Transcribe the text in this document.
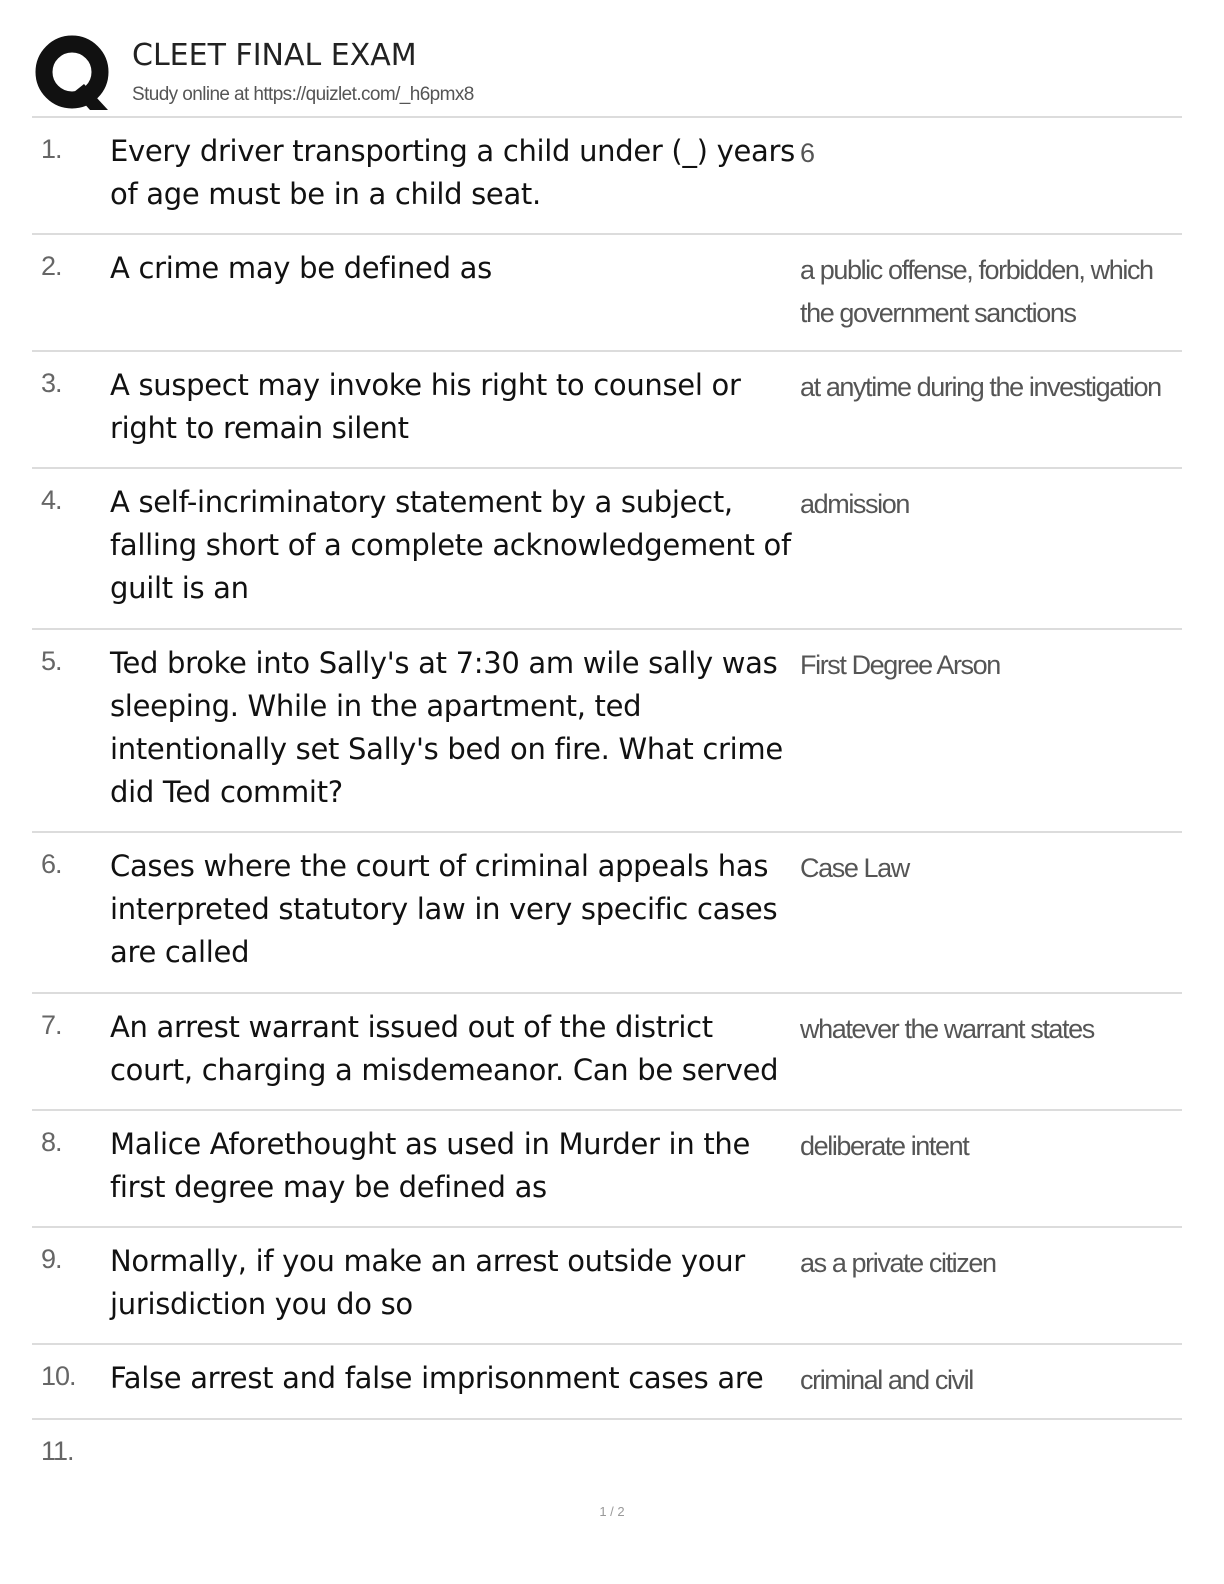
CLEET FINAL EXAM
Study online at https://quizlet.com/_h6pmx8
1. Every driver transporting a child under (_) years of age must be in a child seat.
6
2. A crime may be defined as	a public offense, forbidden, which the government sanctions
3. A suspect may invoke his right to counsel or right to remain silent
at anytime during the investigation
4. A self-incriminatory statement by a subject, falling short of a complete acknowledgement of guilt is an
admission
5. Ted broke into Sally's at 7:30 am wile sally was sleeping. While in the apartment, ted intentionally set Sally's bed on fire. What crime did Ted commit?
First Degree Arson
6. Cases where the court of criminal appeals has interpreted statutory law in very specific cases are called
Case Law
7. An arrest warrant issued out of the district court, charging a misdemeanor. Can be served
whatever the warrant states
8. Malice Aforethought as used in Murder in the first degree may be defined as
deliberate intent
9. Normally, if you make an arrest outside your jurisdiction you do so
as a private citizen
10. False arrest and false imprisonment cases are	criminal and civil
11.
1 / 2
